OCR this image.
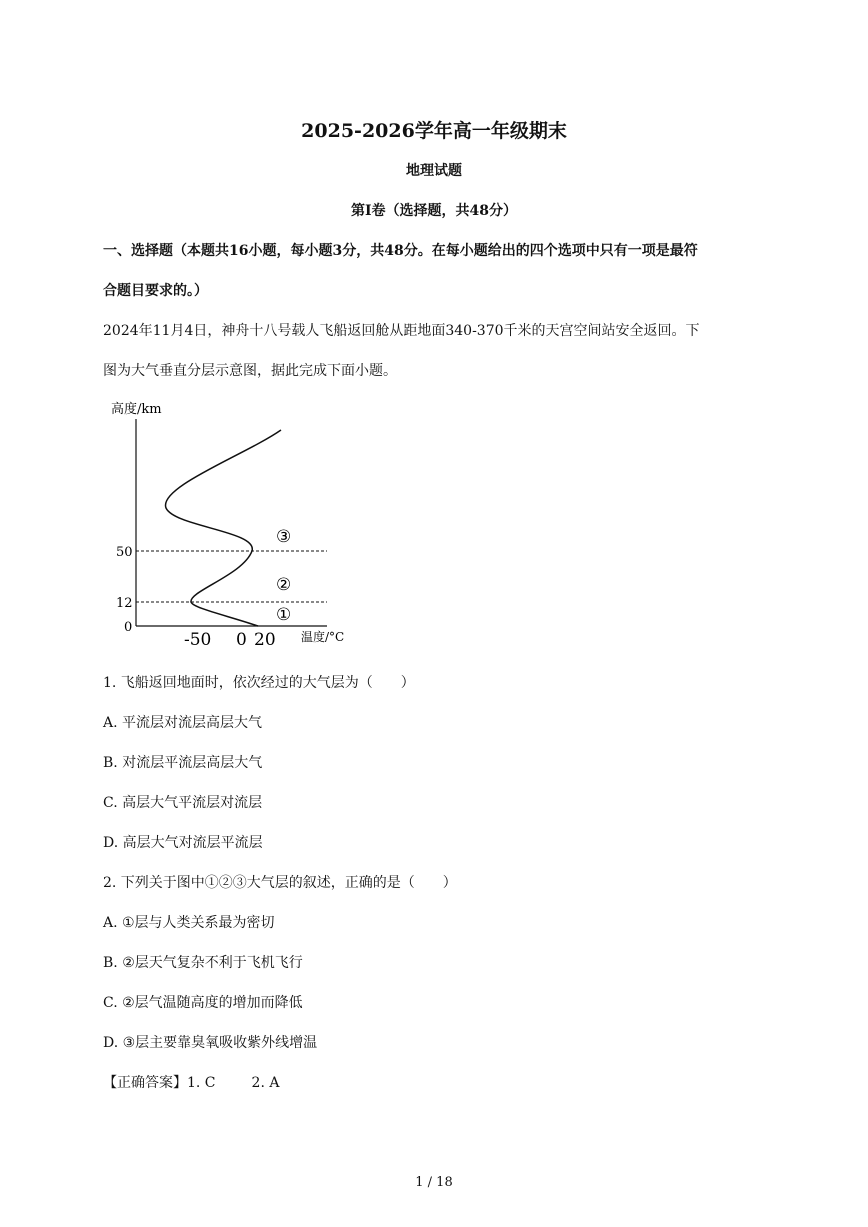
2025-2026学年高一年级期末
地理试题
第I卷（选择题，共48分）
一、选择题（本题共16小题，每小题3分，共48分。在每小题给出的四个选项中只有一项是最符
合题目要求的。）
2024年11月4日，神舟十八号载人飞船返回舱从距地面340-370千米的天宫空间站安全返回。下
图为大气垂直分层示意图，据此完成下面小题。
高度/km
50
12
0
-50 0 20 温度/°C
③
②
①
1. 飞船返回地面时，依次经过的大气层为（　　）
A. 平流层对流层高层大气
B. 对流层平流层高层大气
C. 高层大气平流层对流层
D. 高层大气对流层平流层
2. 下列关于图中①②③大气层的叙述，正确的是（　　）
A. ①层与人类关系最为密切
B. ②层天气复杂不利于飞机飞行
C. ②层气温随高度的增加而降低
D. ③层主要靠臭氧吸收紫外线增温
【正确答案】1. C	2. A
1 / 18
